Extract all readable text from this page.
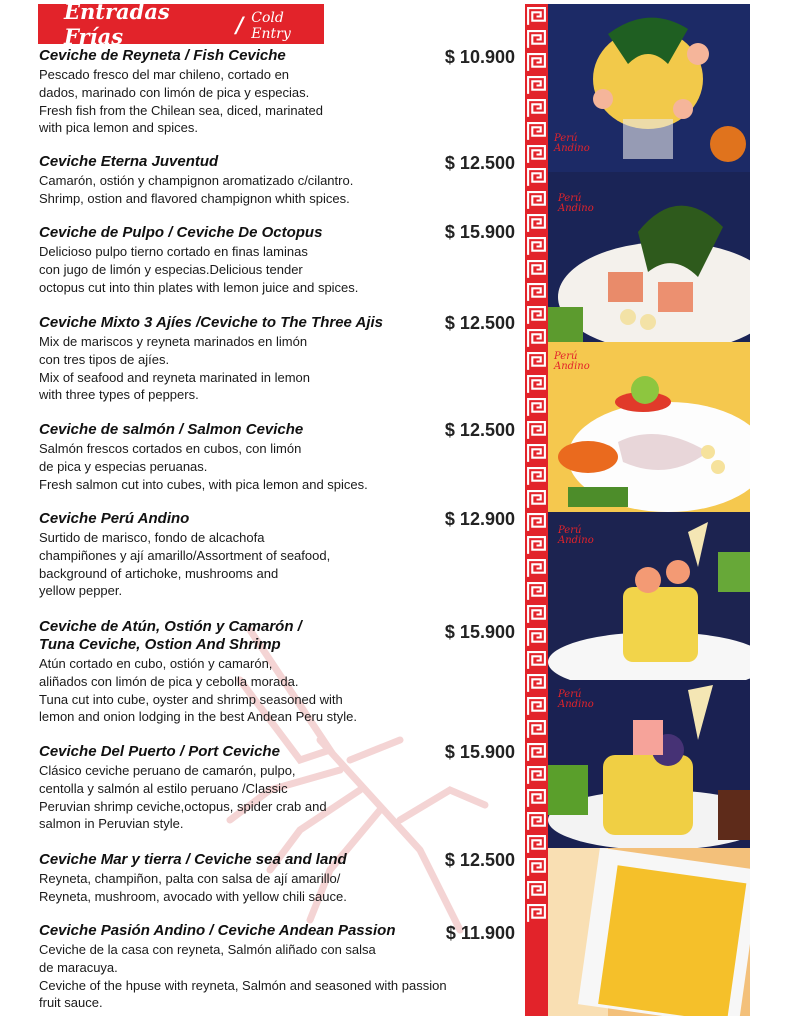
Entradas Frías	/ Cold Entry
Ceviche de Reyneta / Fish Ceviche
Pescado fresco del mar chileno, cortado en
dados, marinado con limón de pica y especias.
Fresh fish from the Chilean sea, diced, marinated
with pica lemon and spices.
$ 10.900
Ceviche Eterna Juventud
Camarón, ostión y champignon aromatizado c/cilantro.
Shrimp, ostion and flavored champignon whith spices.
$ 12.500
Ceviche de Pulpo / Ceviche De Octopus
Delicioso pulpo tierno cortado en finas laminas
con jugo de limón y especias.Delicious tender
octopus cut into thin plates with lemon juice and spices.
$ 15.900
Ceviche Mixto 3 Ajíes /Ceviche to The Three Ajis
Mix de mariscos y reyneta marinados en limón
con tres tipos de ajíes.
Mix of seafood and reyneta marinated in lemon
with three types of peppers.
$ 12.500
Ceviche de salmón / Salmon Ceviche
Salmón frescos cortados en cubos, con limón
de pica y especias peruanas.
Fresh salmon cut into cubes, with pica lemon and spices.
$ 12.500
Ceviche Perú Andino
Surtido de marisco, fondo de alcachofa
champiñones y ají amarillo/Assortment of seafood,
background of artichoke, mushrooms and
yellow pepper.
$ 12.900
Ceviche de Atún, Ostión y Camarón /
Tuna Ceviche, Ostion And Shrimp
Atún cortado en cubo, ostión y camarón,
aliñados con limón de pica y cebolla morada.
Tuna cut into cube, oyster and shrimp seasoned with
lemon and onion lodging in the best Andean Peru style.
$ 15.900
Ceviche Del Puerto / Port Ceviche
Clásico ceviche peruano de camarón, pulpo,
centolla y salmón al estilo peruano /Classic
Peruvian shrimp ceviche,octopus, spider crab and
salmon in Peruvian style.
$ 15.900
Ceviche Mar y tierra / Ceviche sea and land
Reyneta, champiñon, palta con salsa de ají amarillo/
Reyneta, mushroom, avocado with yellow chili sauce.
$ 12.500
Ceviche Pasión Andino / Ceviche Andean Passion
Ceviche de la casa con reyneta, Salmón aliñado con salsa
de maracuya.
Ceviche of the hpuse with reyneta, Salmón and seasoned with passion
fruit sauce.
$ 11.900
Perú
Andino
Perú
Andino
Perú
Andino
Perú
Andino
Perú
Andino
